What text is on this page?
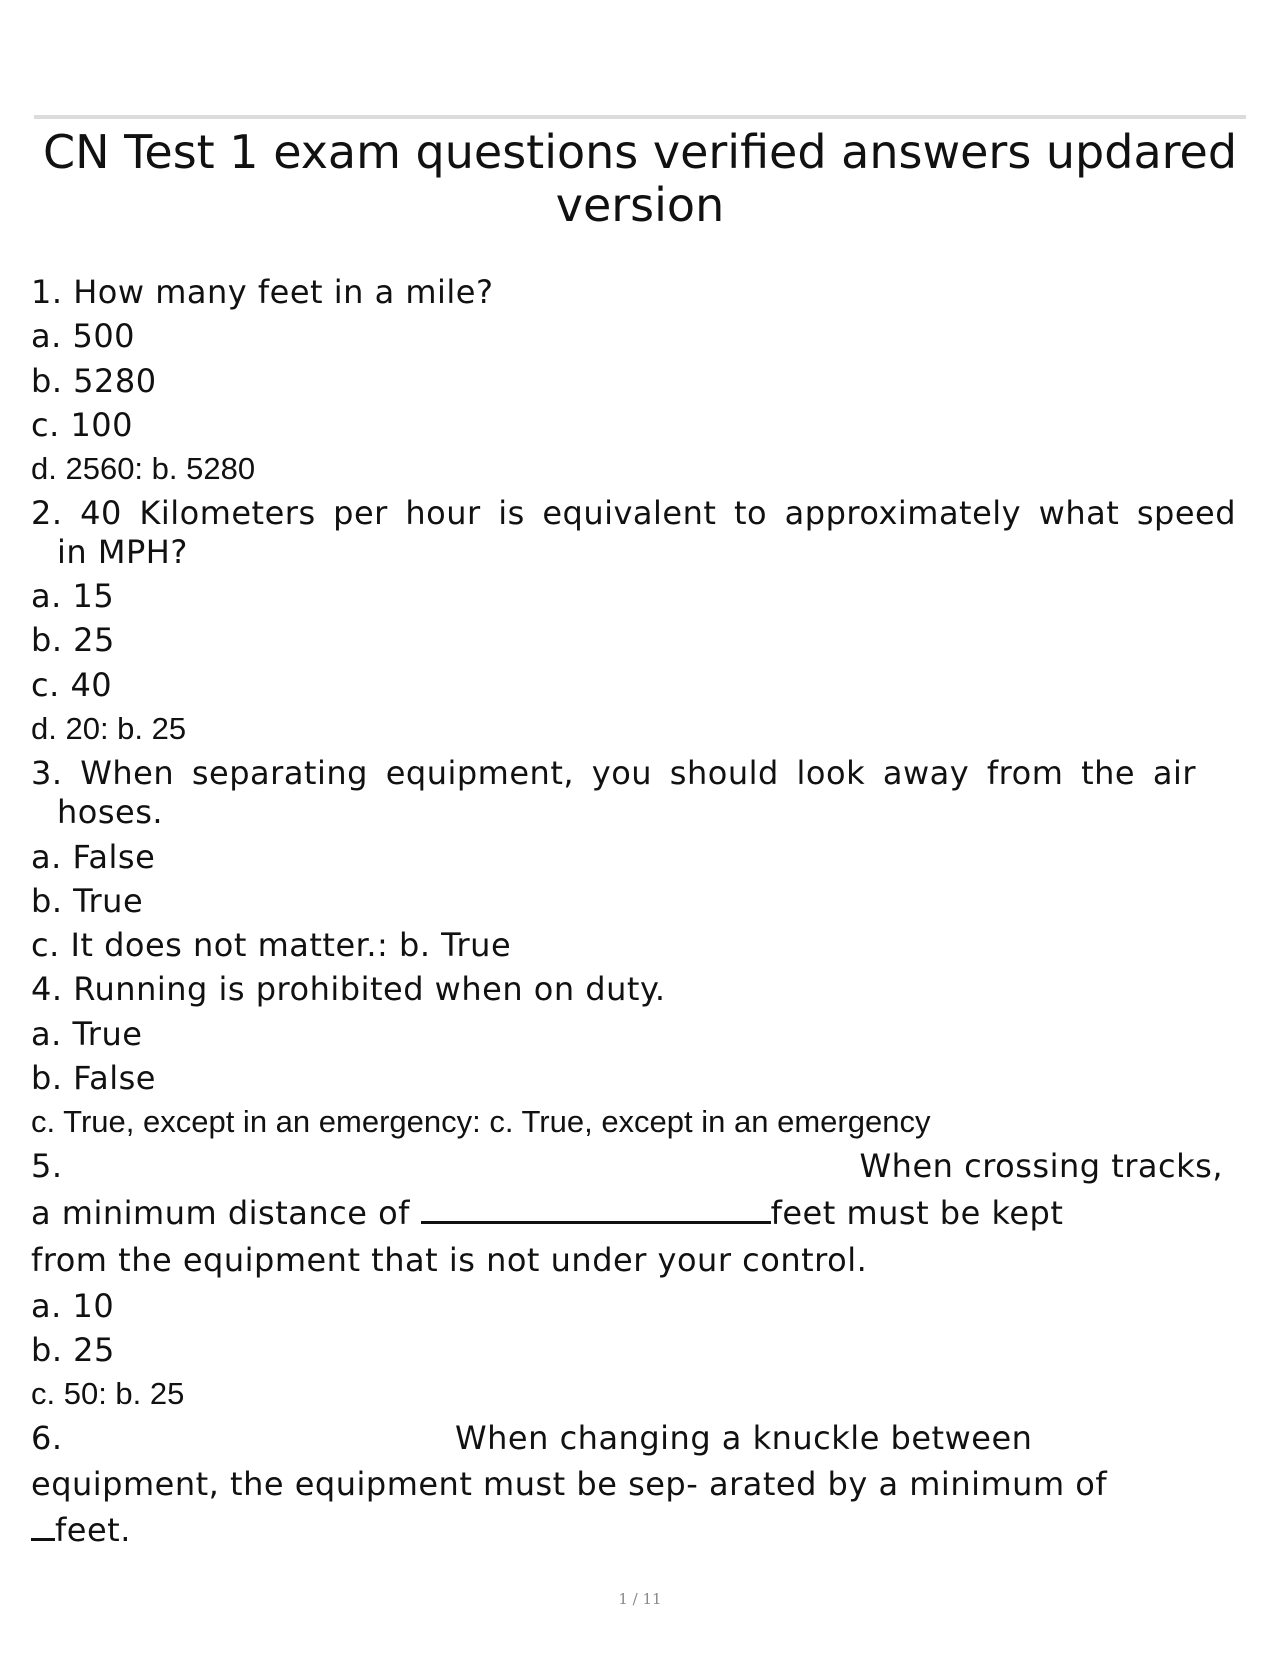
CN Test 1 exam questions verified answers updared version
1. How many feet in a mile?
a. 500
b. 5280
c. 100
d. 2560: b. 5280
2. 40 Kilometers per hour is equivalent to approximately what speed
in MPH?
a. 15
b. 25
c. 40
d. 20: b. 25
3. When separating equipment, you should look away from the air
hoses.
a. False
b. True
c. It does not matter.: b. True
4. Running is prohibited when on duty.
a. True
b. False
c. True, except in an emergency: c. True, except in an emergency
5.	When crossing tracks,
a minimum distance of	feet must be kept
from the equipment that is not under your control.
a. 10
b. 25
c. 50: b. 25
6.	When changing a knuckle between
equipment, the equipment must be sep- arated by a minimum of
feet.
1 / 11
